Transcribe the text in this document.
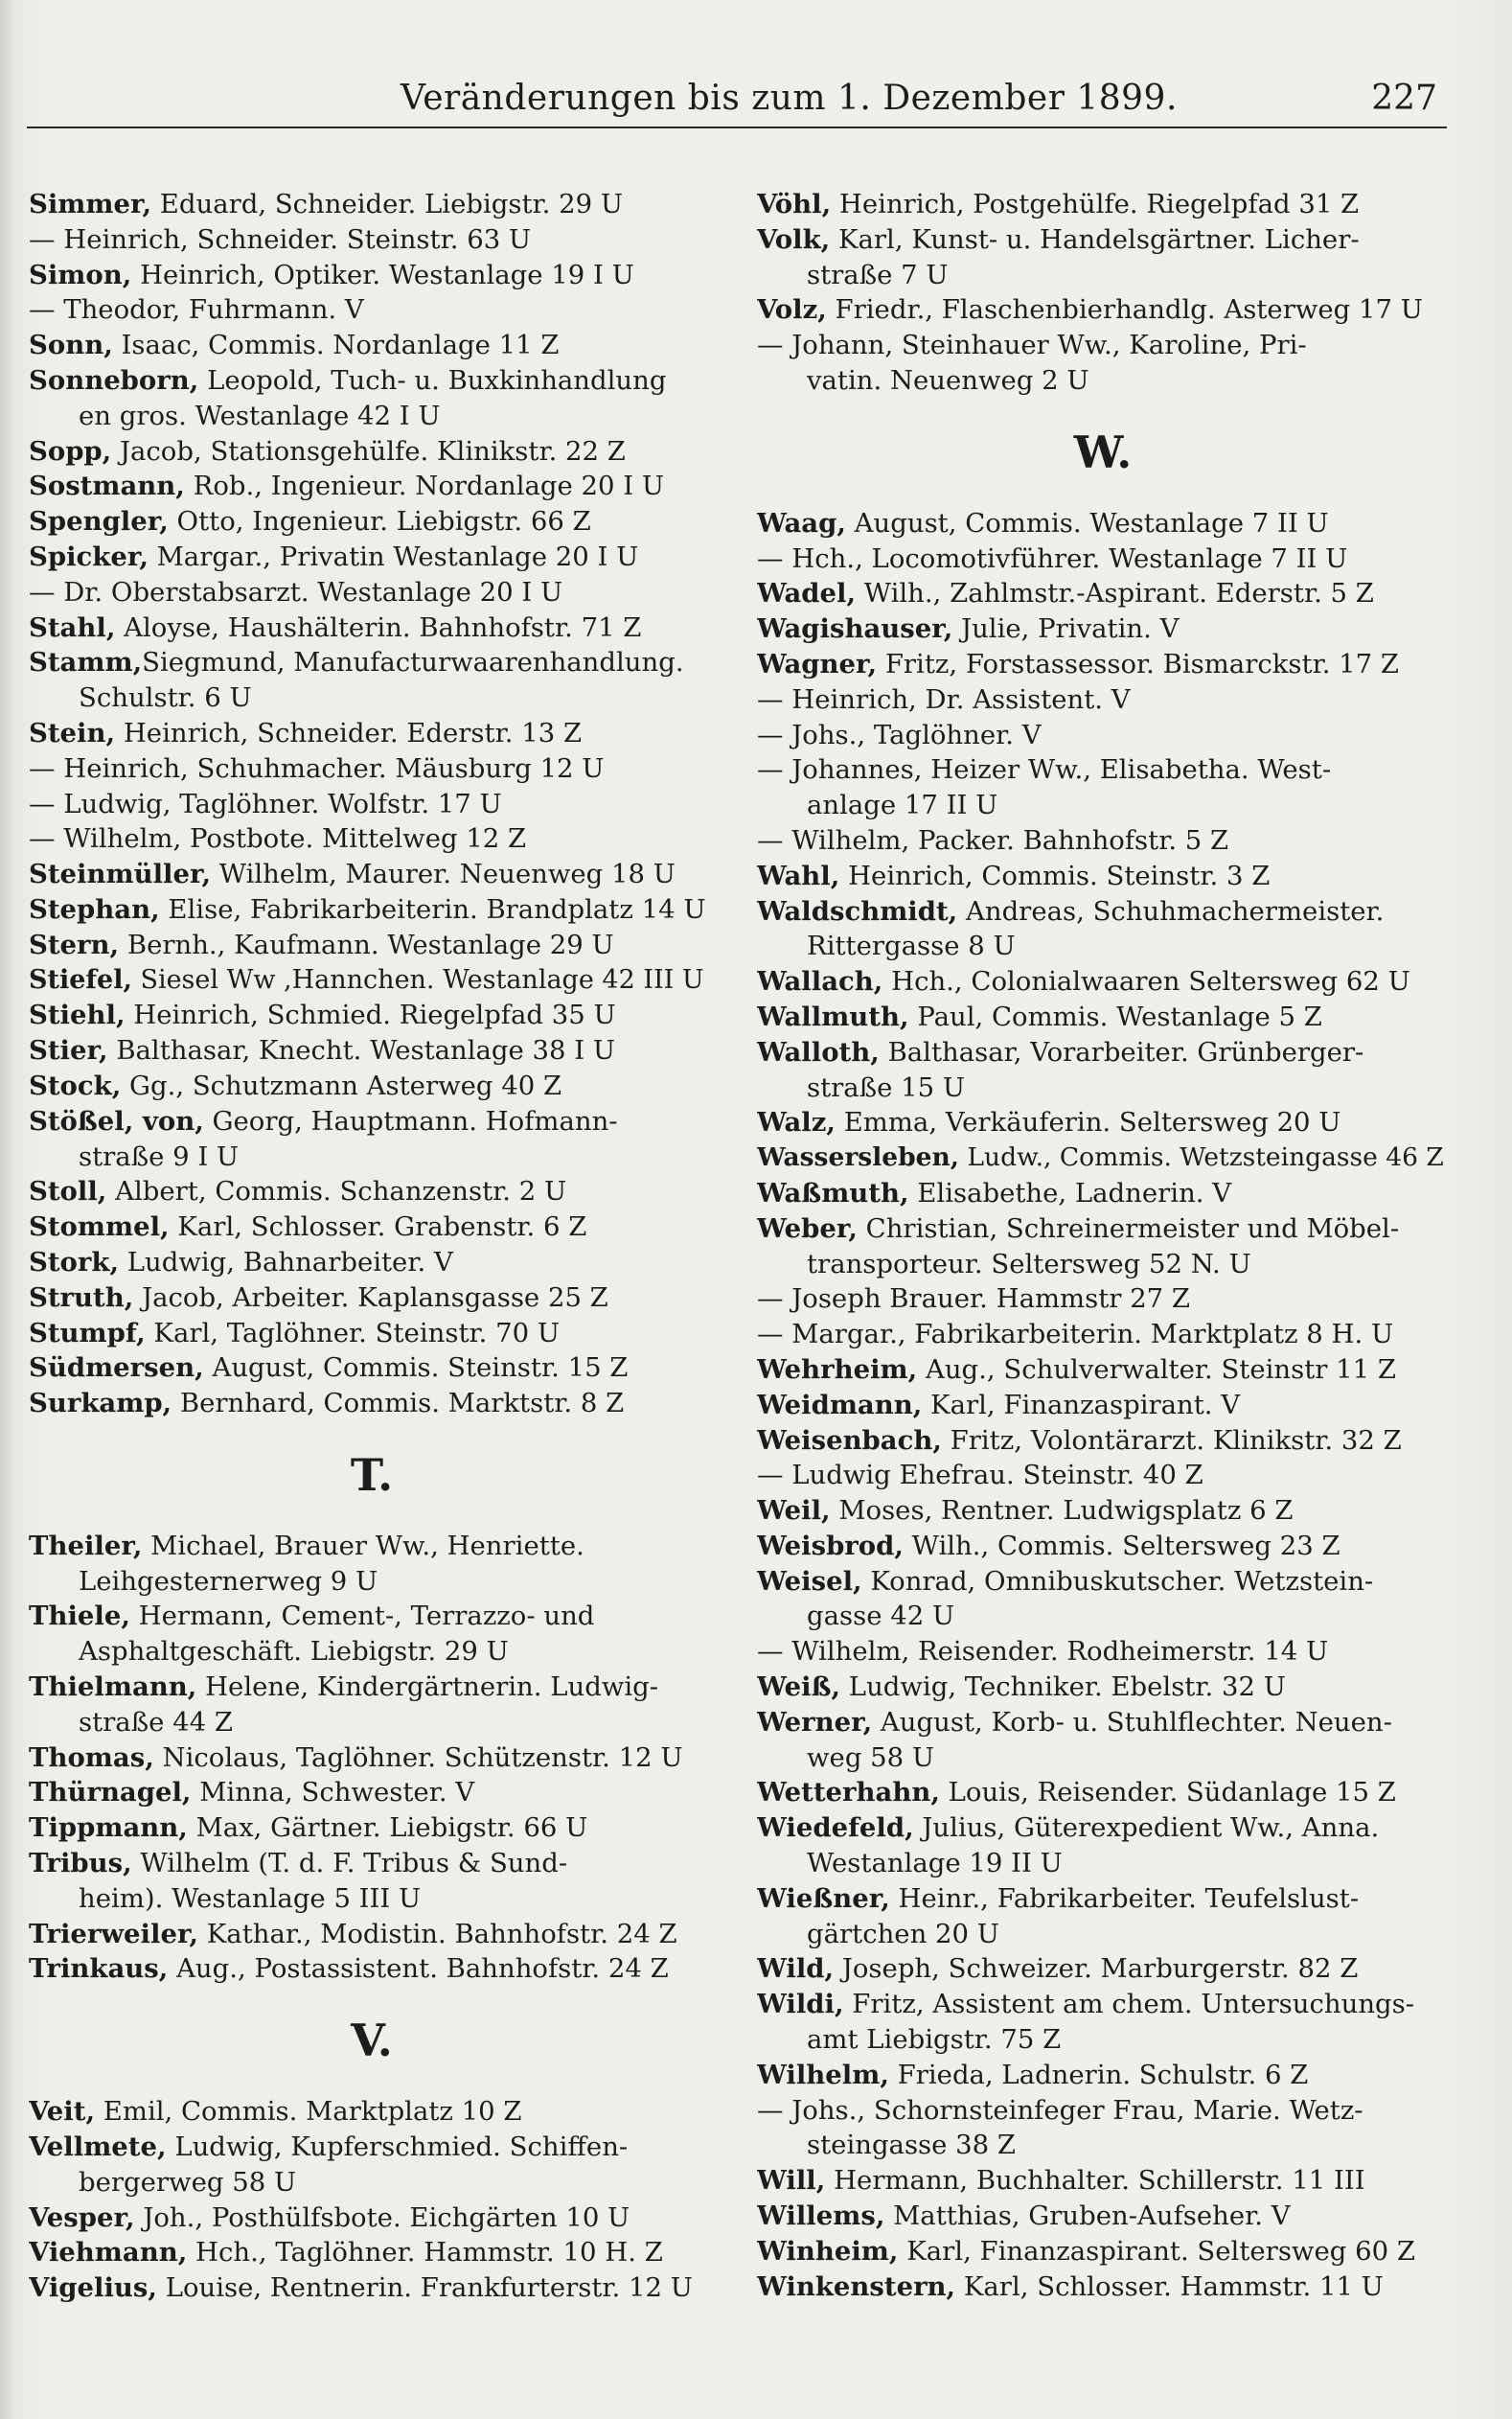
Veränderungen bis zum 1. Dezember 1899.	227
Simmer, Eduard, Schneider. Liebigstr. 29 U
— Heinrich, Schneider. Steinstr. 63 U
Simon, Heinrich, Optiker. Westanlage 19 I U
— Theodor, Fuhrmann. V
Sonn, Isaac, Commis. Nordanlage 11 Z
Sonneborn, Leopold, Tuch- u. Buxkinhandlung
en gros. Westanlage 42 I U
Sopp, Jacob, Stationsgehülfe. Klinikstr. 22 Z
Sostmann, Rob., Ingenieur. Nordanlage 20 I U
Spengler, Otto, Ingenieur. Liebigstr. 66 Z
Spicker, Margar., Privatin Westanlage 20 I U
— Dr. Oberstabsarzt. Westanlage 20 I U
Stahl, Aloyse, Haushälterin. Bahnhofstr. 71 Z
Stamm,Siegmund, Manufacturwaarenhandlung.
Schulstr. 6 U
Stein, Heinrich, Schneider. Ederstr. 13 Z
— Heinrich, Schuhmacher. Mäusburg 12 U
— Ludwig, Taglöhner. Wolfstr. 17 U
— Wilhelm, Postbote. Mittelweg 12 Z
Steinmüller, Wilhelm, Maurer. Neuenweg 18 U
Stephan, Elise, Fabrikarbeiterin. Brandplatz 14 U
Stern, Bernh., Kaufmann. Westanlage 29 U
Stiefel, Siesel Ww ,Hannchen. Westanlage 42 III U
Stiehl, Heinrich, Schmied. Riegelpfad 35 U
Stier, Balthasar, Knecht. Westanlage 38 I U
Stock, Gg., Schutzmann Asterweg 40 Z
Stößel, von, Georg, Hauptmann. Hofmann-
straße 9 I U
Stoll, Albert, Commis. Schanzenstr. 2 U
Stommel, Karl, Schlosser. Grabenstr. 6 Z
Stork, Ludwig, Bahnarbeiter. V
Struth, Jacob, Arbeiter. Kaplansgasse 25 Z
Stumpf, Karl, Taglöhner. Steinstr. 70 U
Südmersen, August, Commis. Steinstr. 15 Z
Surkamp, Bernhard, Commis. Marktstr. 8 Z
T.
Theiler, Michael, Brauer Ww., Henriette.
Leihgesternerweg 9 U
Thiele, Hermann, Cement-, Terrazzo- und
Asphaltgeschäft. Liebigstr. 29 U
Thielmann, Helene, Kindergärtnerin. Ludwig-
straße 44 Z
Thomas, Nicolaus, Taglöhner. Schützenstr. 12 U
Thürnagel, Minna, Schwester. V
Tippmann, Max, Gärtner. Liebigstr. 66 U
Tribus, Wilhelm (T. d. F. Tribus & Sund-
heim). Westanlage 5 III U
Trierweiler, Kathar., Modistin. Bahnhofstr. 24 Z
Trinkaus, Aug., Postassistent. Bahnhofstr. 24 Z
V.
Veit, Emil, Commis. Marktplatz 10 Z
Vellmete, Ludwig, Kupferschmied. Schiffen-
bergerweg 58 U
Vesper, Joh., Posthülfsbote. Eichgärten 10 U
Viehmann, Hch., Taglöhner. Hammstr. 10 H. Z
Vigelius, Louise, Rentnerin. Frankfurterstr. 12 U
Vöhl, Heinrich, Postgehülfe. Riegelpfad 31 Z
Volk, Karl, Kunst- u. Handelsgärtner. Licher-
straße 7 U
Volz, Friedr., Flaschenbierhandlg. Asterweg 17 U
— Johann, Steinhauer Ww., Karoline, Pri-
vatin. Neuenweg 2 U
W.
Waag, August, Commis. Westanlage 7 II U
— Hch., Locomotivführer. Westanlage 7 II U
Wadel, Wilh., Zahlmstr.-Aspirant. Ederstr. 5 Z
Wagishauser, Julie, Privatin. V
Wagner, Fritz, Forstassessor. Bismarckstr. 17 Z
— Heinrich, Dr. Assistent. V
— Johs., Taglöhner. V
— Johannes, Heizer Ww., Elisabetha. West-
anlage 17 II U
— Wilhelm, Packer. Bahnhofstr. 5 Z
Wahl, Heinrich, Commis. Steinstr. 3 Z
Waldschmidt, Andreas, Schuhmachermeister.
Rittergasse 8 U
Wallach, Hch., Colonialwaaren Seltersweg 62 U
Wallmuth, Paul, Commis. Westanlage 5 Z
Walloth, Balthasar, Vorarbeiter. Grünberger-
straße 15 U
Walz, Emma, Verkäuferin. Seltersweg 20 U
Wassersleben, Ludw., Commis. Wetzsteingasse 46 Z
Waßmuth, Elisabethe, Ladnerin. V
Weber, Christian, Schreinermeister und Möbel-
transporteur. Seltersweg 52 N. U
— Joseph Brauer. Hammstr 27 Z
— Margar., Fabrikarbeiterin. Marktplatz 8 H. U
Wehrheim, Aug., Schulverwalter. Steinstr 11 Z
Weidmann, Karl, Finanzaspirant. V
Weisenbach, Fritz, Volontärarzt. Klinikstr. 32 Z
— Ludwig Ehefrau. Steinstr. 40 Z
Weil, Moses, Rentner. Ludwigsplatz 6 Z
Weisbrod, Wilh., Commis. Seltersweg 23 Z
Weisel, Konrad, Omnibuskutscher. Wetzstein-
gasse 42 U
— Wilhelm, Reisender. Rodheimerstr. 14 U
Weiß, Ludwig, Techniker. Ebelstr. 32 U
Werner, August, Korb- u. Stuhlflechter. Neuen-
weg 58 U
Wetterhahn, Louis, Reisender. Südanlage 15 Z
Wiedefeld, Julius, Güterexpedient Ww., Anna.
Westanlage 19 II U
Wießner, Heinr., Fabrikarbeiter. Teufelslust-
gärtchen 20 U
Wild, Joseph, Schweizer. Marburgerstr. 82 Z
Wildi, Fritz, Assistent am chem. Untersuchungs-
amt Liebigstr. 75 Z
Wilhelm, Frieda, Ladnerin. Schulstr. 6 Z
— Johs., Schornsteinfeger Frau, Marie. Wetz-
steingasse 38 Z
Will, Hermann, Buchhalter. Schillerstr. 11 III
Willems, Matthias, Gruben-Aufseher. V
Winheim, Karl, Finanzaspirant. Seltersweg 60 Z
Winkenstern, Karl, Schlosser. Hammstr. 11 U
